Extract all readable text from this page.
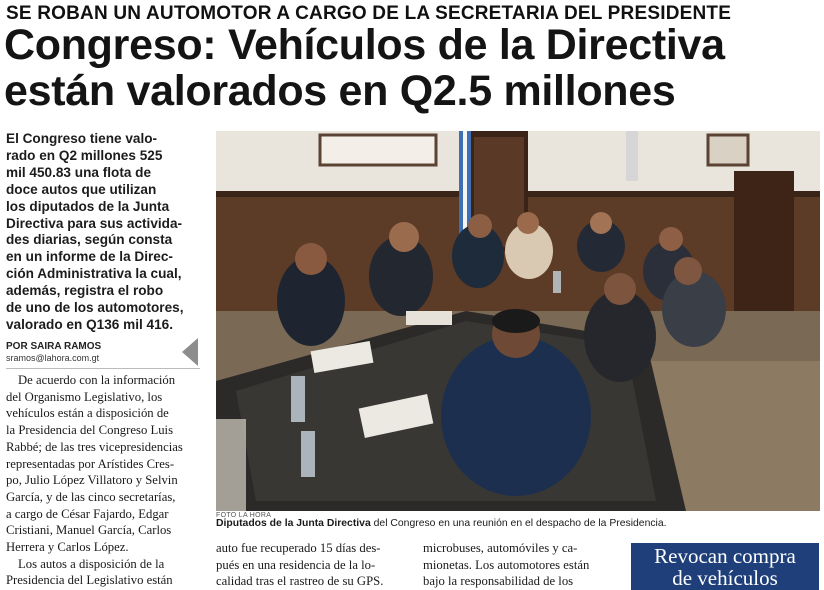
SE ROBAN UN AUTOMOTOR A CARGO DE LA SECRETARIA DEL PRESIDENTE
Congreso: Vehículos de la Directiva
están valorados en Q2.5 millones
El Congreso tiene valo-
rado en Q2 millones 525
mil 450.83 una flota de
doce autos que utilizan
los diputados de la Junta
Directiva para sus activida-
des diarias, según consta
en un informe de la Direc-
ción Administrativa la cual,
además, registra el robo
de uno de los automotores,
valorado en Q136 mil 416.
POR SAIRA RAMOS
sramos@lahora.com.gt
De acuerdo con la información
del Organismo Legislativo, los
vehículos están a disposición de
la Presidencia del Congreso Luis
Rabbé; de las tres vicepresidencias
representadas por Arístides Cres-
po, Julio López Villatoro y Selvin
García, y de las cinco secretarías,
a cargo de César Fajardo, Edgar
Cristiani, Manuel García, Carlos
Herrera y Carlos López.
Los autos a disposición de la
Presidencia del Legislativo están
FOTO LA HORA
Diputados de la Junta Directiva del Congreso en una reunión en el despacho de la Presidencia.
auto fue recuperado 15 días des-
pués en una residencia de la lo-
calidad tras el rastreo de su GPS.
microbuses, automóviles y ca-
mionetas. Los automotores están
bajo la responsabilidad de los
Revocan compra
de vehículos
